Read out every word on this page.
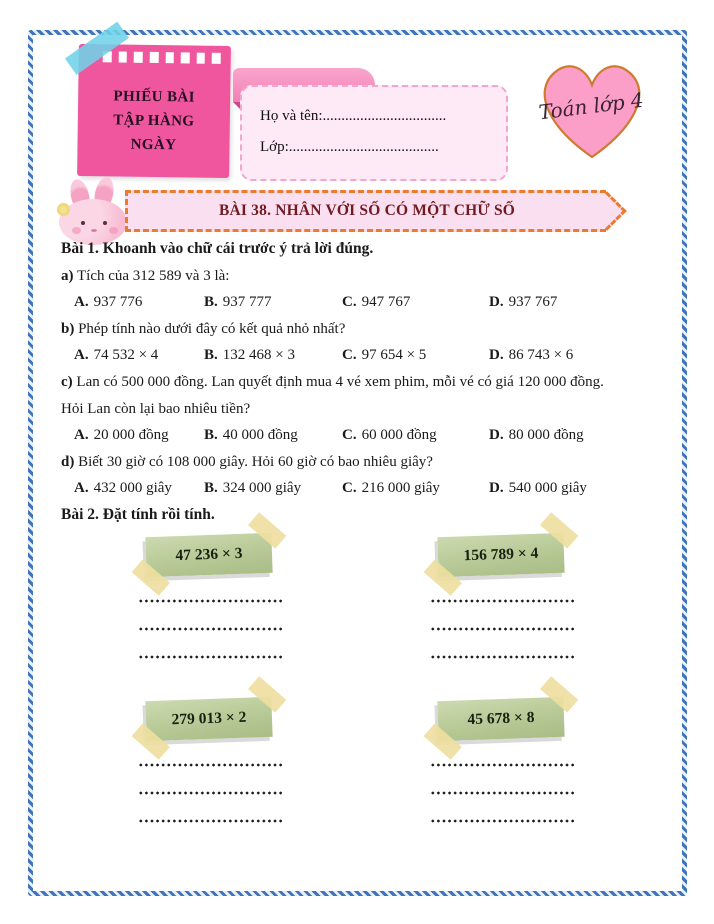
PHIẾU BÀI
TẬP HÀNG
NGÀY

Họ và tên:.................................

Lớp:........................................

Toán lớp 4
BÀI 38. NHÂN VỚI SỐ CÓ MỘT CHỮ SỐ
Bài 1. Khoanh vào chữ cái trước ý trả lời đúng.

a) Tích của 312 589 và 3 là:

A. 937 776	B. 937 777	C. 947 767	D. 937 767

b) Phép tính nào dưới đây có kết quả nhỏ nhất?

A. 74 532 × 4	B. 132 468 × 3	C. 97 654 × 5	D. 86 743 × 6

c) Lan có 500 000 đồng. Lan quyết định mua 4 vé xem phim, mỗi vé có giá 120 000 đồng.

Hỏi Lan còn lại bao nhiêu tiền?

A. 20 000 đồng	B. 40 000 đồng	C. 60 000 đồng	D. 80 000 đồng

d) Biết 30 giờ có 108 000 giây. Hỏi 60 giờ có bao nhiêu giây?

A. 432 000 giây	B. 324 000 giây	C. 216 000 giây	D. 540 000 giây
Bài 2. Đặt tính rồi tính.
47 236 × 3	156 789 × 4
279 013 × 2	45 678 × 8
